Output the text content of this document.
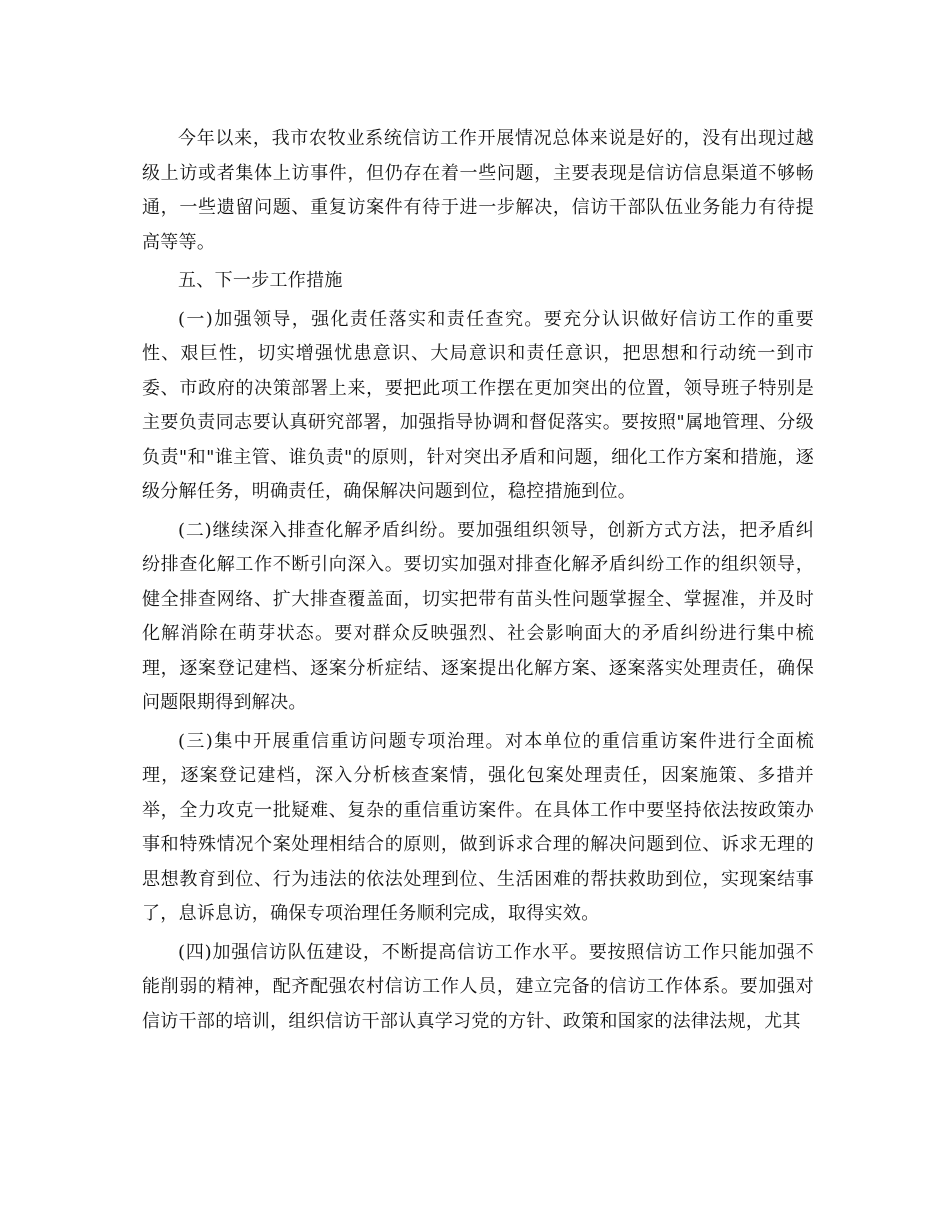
今年以来，我市农牧业系统信访工作开展情况总体来说是好的，没有出现过越级上访或者集体上访事件，但仍存在着一些问题，主要表现是信访信息渠道不够畅通，一些遗留问题、重复访案件有待于进一步解决，信访干部队伍业务能力有待提高等等。

五、下一步工作措施

(一)加强领导，强化责任落实和责任查究。要充分认识做好信访工作的重要性、艰巨性，切实增强忧患意识、大局意识和责任意识，把思想和行动统一到市委、市政府的决策部署上来，要把此项工作摆在更加突出的位置，领导班子特别是主要负责同志要认真研究部署，加强指导协调和督促落实。要按照"属地管理、分级负责"和"谁主管、谁负责"的原则，针对突出矛盾和问题，细化工作方案和措施，逐级分解任务，明确责任，确保解决问题到位，稳控措施到位。

(二)继续深入排查化解矛盾纠纷。要加强组织领导，创新方式方法，把矛盾纠纷排查化解工作不断引向深入。要切实加强对排查化解矛盾纠纷工作的组织领导，健全排查网络、扩大排查覆盖面，切实把带有苗头性问题掌握全、掌握准，并及时化解消除在萌芽状态。要对群众反映强烈、社会影响面大的矛盾纠纷进行集中梳理，逐案登记建档、逐案分析症结、逐案提出化解方案、逐案落实处理责任，确保问题限期得到解决。

(三)集中开展重信重访问题专项治理。对本单位的重信重访案件进行全面梳理，逐案登记建档，深入分析核查案情，强化包案处理责任，因案施策、多措并举，全力攻克一批疑难、复杂的重信重访案件。在具体工作中要坚持依法按政策办事和特殊情况个案处理相结合的原则，做到诉求合理的解决问题到位、诉求无理的思想教育到位、行为违法的依法处理到位、生活困难的帮扶救助到位，实现案结事了，息诉息访，确保专项治理任务顺利完成，取得实效。

(四)加强信访队伍建设，不断提高信访工作水平。要按照信访工作只能加强不能削弱的精神，配齐配强农村信访工作人员，建立完备的信访工作体系。要加强对信访干部的培训，组织信访干部认真学习党的方针、政策和国家的法律法规，尤其
